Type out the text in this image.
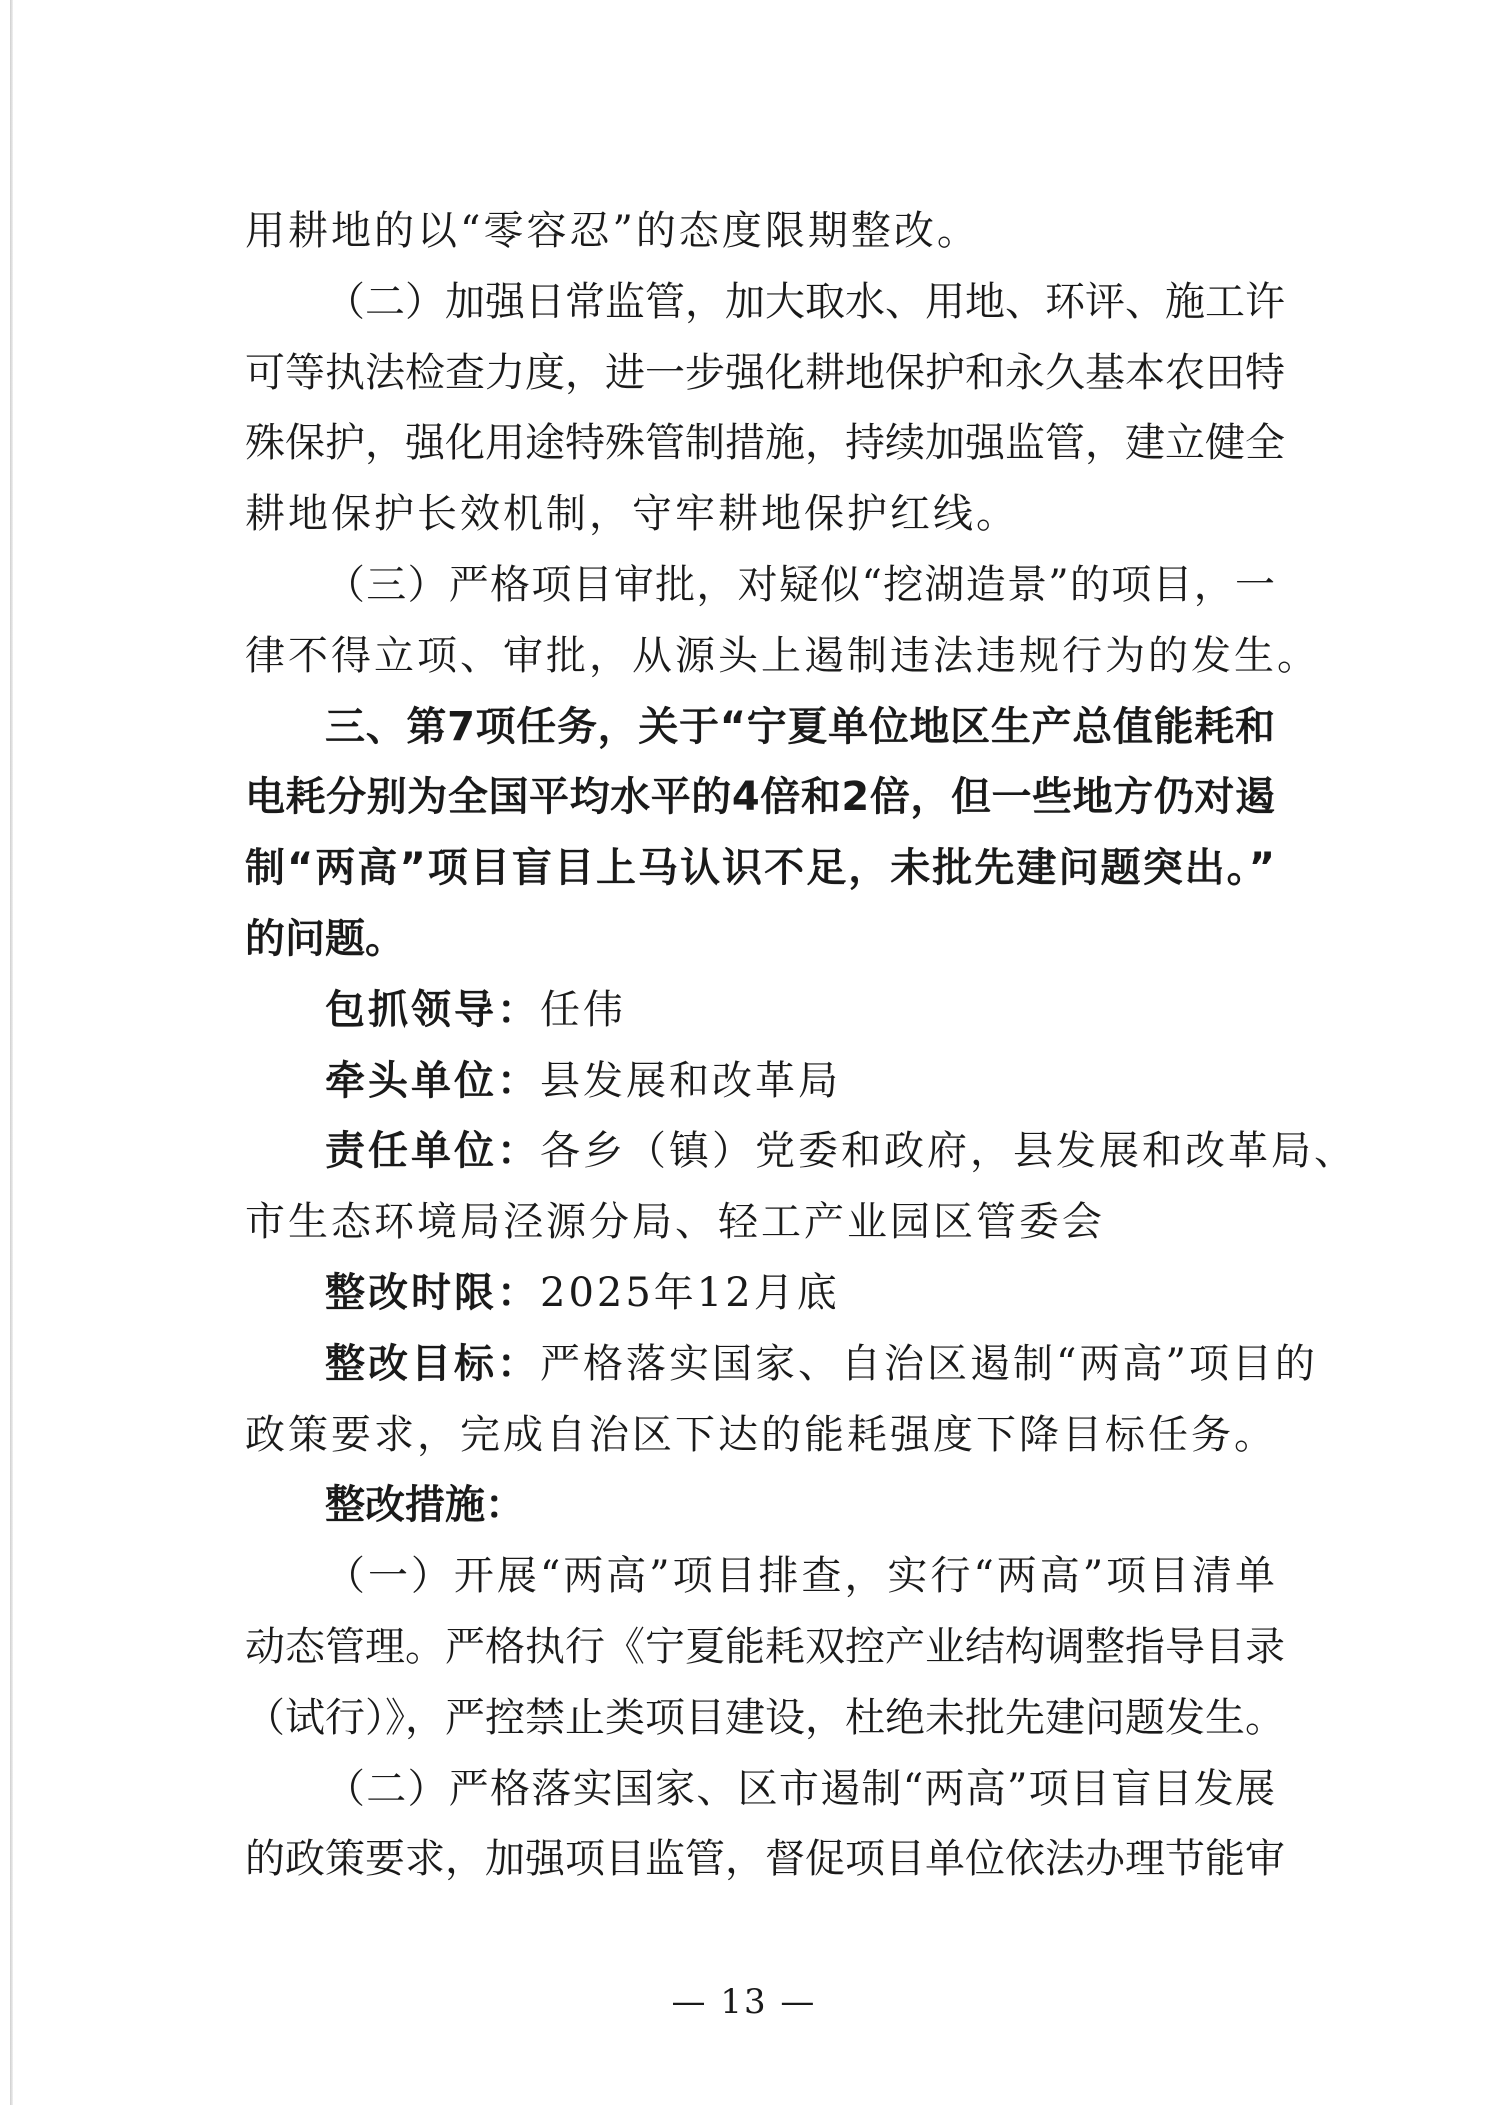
用耕地的以“零容忍”的态度限期整改。
（二）加强日常监管，加大取水、用地、环评、施工许
可等执法检查力度，进一步强化耕地保护和永久基本农田特
殊保护，强化用途特殊管制措施，持续加强监管，建立健全
耕地保护长效机制，守牢耕地保护红线。
（三）严格项目审批，对疑似“挖湖造景”的项目，一
律不得立项、审批，从源头上遏制违法违规行为的发生。
三、第7项任务，关于“宁夏单位地区生产总值能耗和
电耗分别为全国平均水平的4倍和2倍，但一些地方仍对遏
制“两高”项目盲目上马认识不足，未批先建问题突出。”
的问题。
包抓领导：任伟
牵头单位：县发展和改革局
责任单位：各乡（镇）党委和政府，县发展和改革局、
市生态环境局泾源分局、轻工产业园区管委会
整改时限：2025年12月底
整改目标：严格落实国家、自治区遏制“两高”项目的
政策要求，完成自治区下达的能耗强度下降目标任务。
整改措施：
（一）开展“两高”项目排查，实行“两高”项目清单
动态管理。严格执行《宁夏能耗双控产业结构调整指导目录
（试行）》，严控禁止类项目建设，杜绝未批先建问题发生。
（二）严格落实国家、区市遏制“两高”项目盲目发展
的政策要求，加强项目监管，督促项目单位依法办理节能审
— 13 —
